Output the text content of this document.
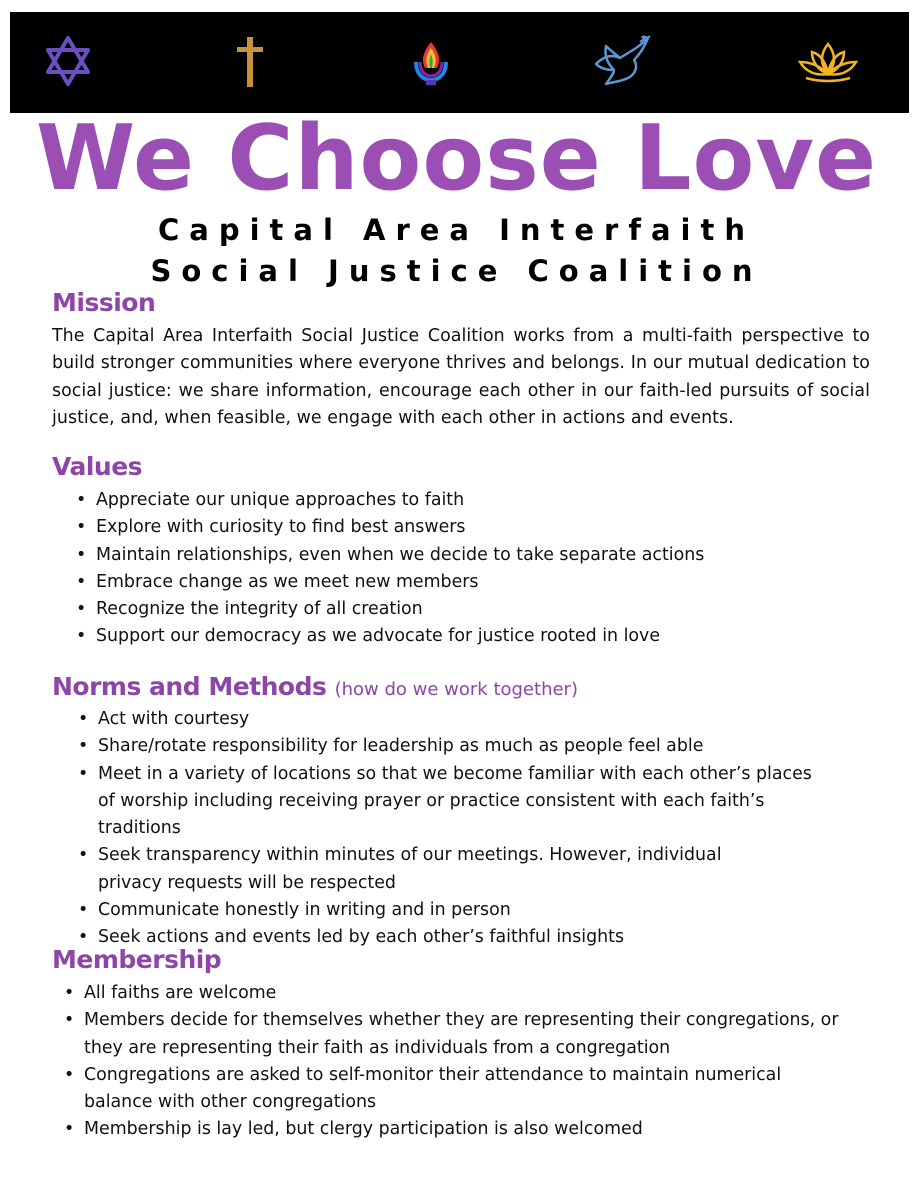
We Choose Love

Capital Area Interfaith

Social Justice Coalition

Mission

The Capital Area Interfaith Social Justice Coalition works from a multi-faith perspective to build stronger communities where everyone thrives and belongs. In our mutual dedication to social justice: we share information, encourage each other in our faith-led pursuits of social justice, and, when feasible, we engage with each other in actions and events.

Values
• Appreciate our unique approaches to faith
• Explore with curiosity to find best answers
• Maintain relationships, even when we decide to take separate actions
• Embrace change as we meet new members
• Recognize the integrity of all creation
• Support our democracy as we advocate for justice rooted in love
Norms and Methods (how do we work together)
• Act with courtesy
• Share/rotate responsibility for leadership as much as people feel able
• Meet in a variety of locations so that we become familiar with each other’s places of worship including receiving prayer or practice consistent with each faith’s traditions
• Seek transparency within minutes of our meetings. However, individual privacy requests will be respected
• Communicate honestly in writing and in person
• Seek actions and events led by each other’s faithful insights
Membership
• All faiths are welcome
• Members decide for themselves whether they are representing their congregations, or they are representing their faith as individuals from a congregation
• Congregations are asked to self-monitor their attendance to maintain numerical balance with other congregations
• Membership is lay led, but clergy participation is also welcomed
